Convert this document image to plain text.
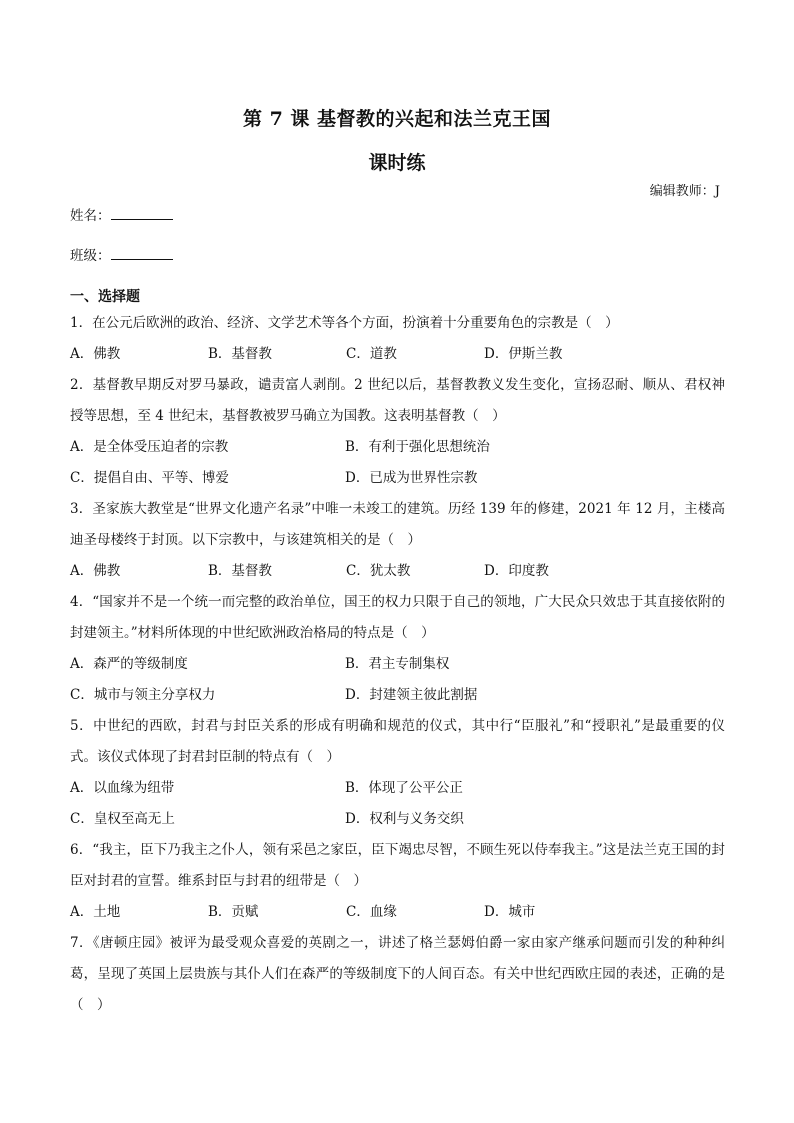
第 7 课 基督教的兴起和法兰克王国
课时练
编辑教师：J
姓名：
班级：
一、选择题

1．在公元后欧洲的政治、经济、文学艺术等各个方面，扮演着十分重要角色的宗教是（　）

A．佛教	B．基督教	C．道教	D．伊斯兰教

2．基督教早期反对罗马暴政，谴责富人剥削。2 世纪以后，基督教教义发生变化，宣扬忍耐、顺从、君权神授等思想，至 4 世纪末，基督教被罗马确立为国教。这表明基督教（　）

A．是全体受压迫者的宗教	B．有利于强化思想统治
C．提倡自由、平等、博爱	D．已成为世界性宗教

3．圣家族大教堂是“世界文化遗产名录”中唯一未竣工的建筑。历经 139 年的修建，2021 年 12 月，主楼高迪圣母楼终于封顶。以下宗教中，与该建筑相关的是（　）

A．佛教	B．基督教	C．犹太教	D．印度教

4．“国家并不是一个统一而完整的政治单位，国王的权力只限于自己的领地，广大民众只效忠于其直接依附的封建领主。”材料所体现的中世纪欧洲政治格局的特点是（　）

A．森严的等级制度	B．君主专制集权
C．城市与领主分享权力	D．封建领主彼此割据

5．中世纪的西欧，封君与封臣关系的形成有明确和规范的仪式，其中行“臣服礼”和“授职礼”是最重要的仪式。该仪式体现了封君封臣制的特点有（　）

A．以血缘为纽带	B．体现了公平公正
C．皇权至高无上	D．权利与义务交织

6．“我主，臣下乃我主之仆人，领有采邑之家臣，臣下竭忠尽智，不顾生死以侍奉我主。”这是法兰克王国的封臣对封君的宣誓。维系封臣与封君的纽带是（　）

A．土地	B．贡赋	C．血缘	D．城市

7．《唐顿庄园》被评为最受观众喜爱的英剧之一，讲述了格兰瑟姆伯爵一家由家产继承问题而引发的种种纠葛，呈现了英国上层贵族与其仆人们在森严的等级制度下的人间百态。有关中世纪西欧庄园的表述，正确的是（　）
